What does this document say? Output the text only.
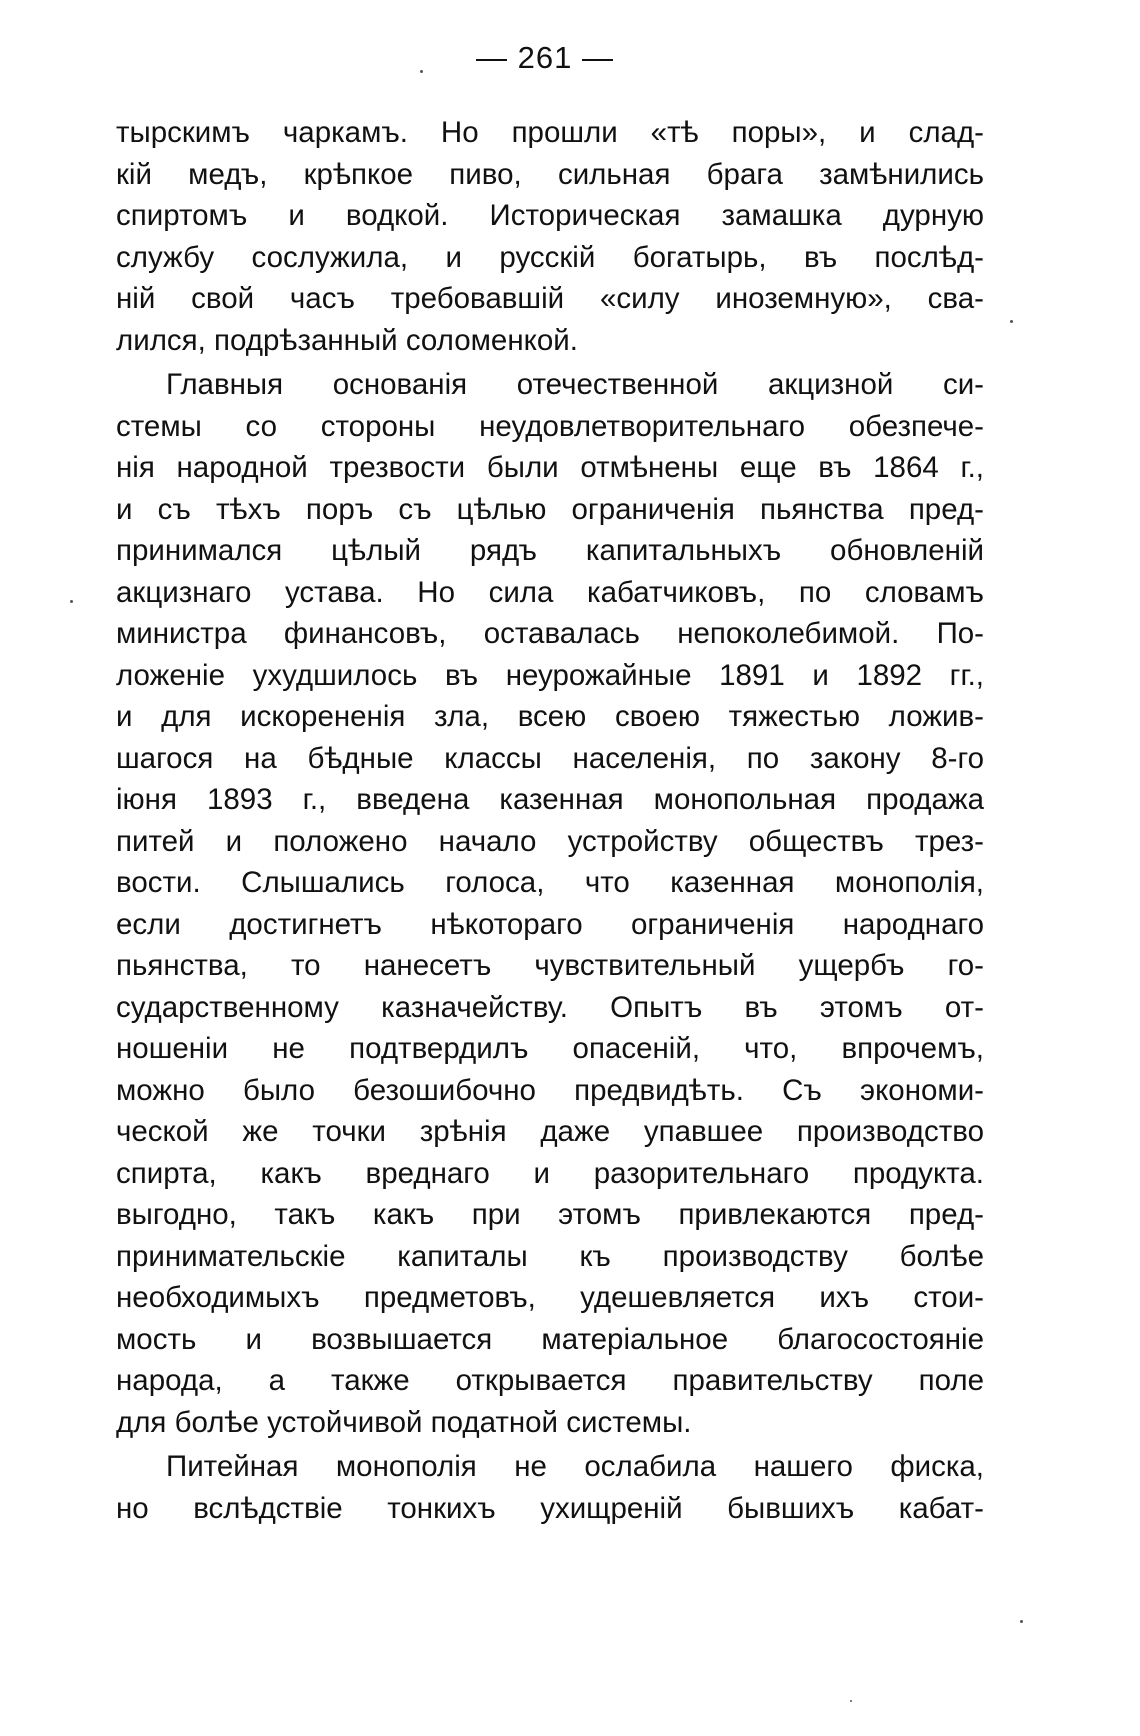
— 261 —
тырскимъ чаркамъ. Но прошли «тѣ поры», и слад-
кій медъ, крѣпкое пиво, сильная брага замѣнились
спиртомъ и водкой. Историческая замашка дурную
службу сослужила, и русскій богатырь, въ послѣд-
ній свой часъ требовавшій «силу иноземную», сва-
лился, подрѣзанный соломенкой.
Главныя основанія отечественной акцизной си-
стемы со стороны неудовлетворительнаго обезпече-
нія народной трезвости были отмѣнены еще въ 1864 г.,
и съ тѣхъ поръ съ цѣлью ограниченія пьянства пред-
принимался цѣлый рядъ капитальныхъ обновленій
акцизнаго устава. Но сила кабатчиковъ, по словамъ
министра финансовъ, оставалась непоколебимой. По-
ложеніе ухудшилось въ неурожайные 1891 и 1892 гг.,
и для искорененія зла, всею своею тяжестью ложив-
шагося на бѣдные классы населенія, по закону 8-го
іюня 1893 г., введена казенная монопольная продажа
питей и положено начало устройству обществъ трез-
вости. Слышались голоса, что казенная монополія,
если достигнетъ нѣкотораго ограниченія народнаго
пьянства, то нанесетъ чувствительный ущербъ го-
сударственному казначейству. Опытъ въ этомъ от-
ношеніи не подтвердилъ опасеній, что, впрочемъ,
можно было безошибочно предвидѣть. Съ экономи-
ческой же точки зрѣнія даже упавшее производство
спирта, какъ вреднаго и разорительнаго продукта.
выгодно, такъ какъ при этомъ привлекаются пред-
принимательскіе капиталы къ производству болѣе
необходимыхъ предметовъ, удешевляется ихъ стои-
мость и возвышается матеріальное благосостояніе
народа, а также открывается правительству поле
для болѣе устойчивой податной системы.
Питейная монополія не ослабила нашего фиска,
но вслѣдствіе тонкихъ ухищреній бывшихъ кабат-
